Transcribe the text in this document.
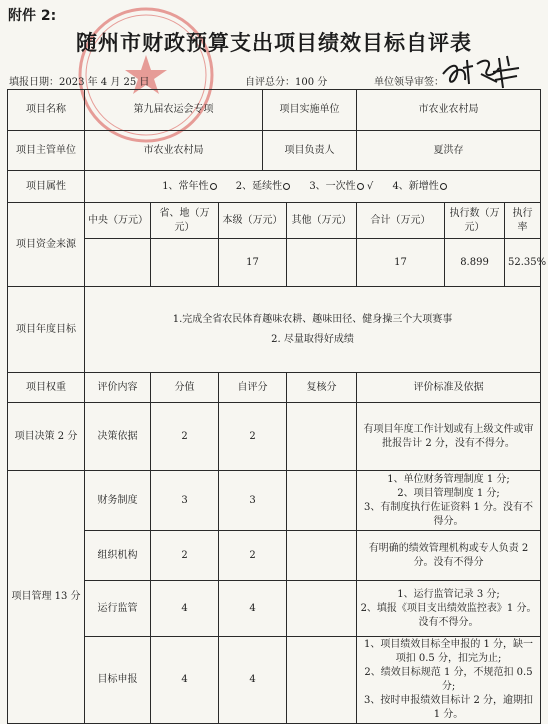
附件 2:
随州市财政预算支出项目绩效目标自评表
填报日期：2023 年 4 月 25 日	自评总分：100 分	单位领导审签：
项目名称	第九届农运会专项			项目实施单位		市农业农村局		
项目主管单位	市农业农村局			项目负责人		夏洪存		
项目属性	1、常年性 2、延续性 3、一次性 √ 4、新增性							
项目资金来源	中央（万元）	省、地（万元）	本级（万元）		其他（万元）	合计（万元）	执行数（万元）	执行率
			17			17	8.899	52.35%
项目年度目标	1.完成全省农民体育趣味农耕、趣味田径、健身操三个大项赛事
2. 尽量取得好成绩							

项目权重	评价内容	分值	自评分		复核分	评价标准及依据		
项目决策 2 分	决策依据	2	2			有项目年度工作计划或有上级文件或审批报告计 2 分，没有不得分。		

项目管理 13 分	财务制度	3	3			1、单位财务管理制度 1 分;
2、项目管理制度 1 分;
3、有制度执行佐证资料 1 分。没有不得分。		

	组织机构	2	2			有明确的绩效管理机构或专人负责 2 分。没有不得分		

	运行监管	4	4			1、运行监管记录 3 分;
2、填报《项目支出绩效监控表》1 分。没有不得分。		

	目标申报	4	4			1、项目绩效目标全申报的 1 分，缺一项扣 0.5 分，扣完为止;
2、绩效目标规范 1 分，不规范扣 0.5 分;
3、按时申报绩效目标计 2 分，逾期扣 1 分。		
